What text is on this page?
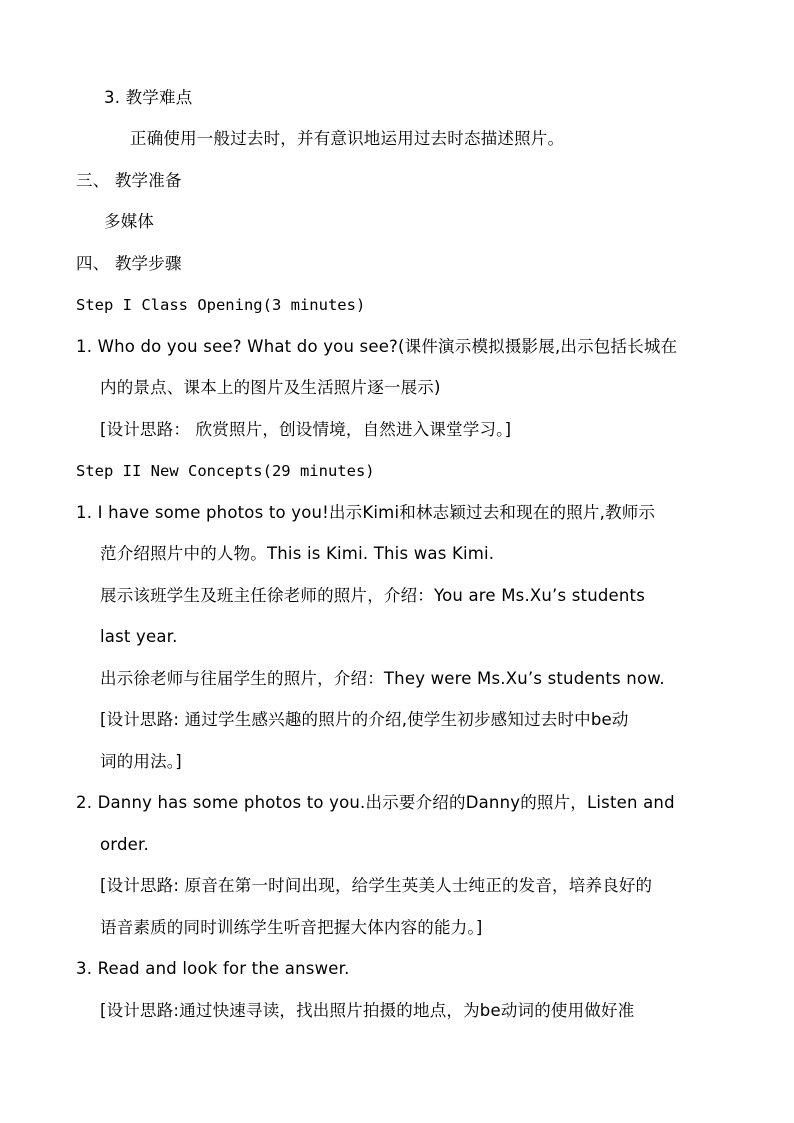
3. 教学难点
正确使用一般过去时，并有意识地运用过去时态描述照片。
三、 教学准备
多媒体
四、 教学步骤
Step I Class Opening(3 minutes)
1. Who do you see? What do you see?(课件演示模拟摄影展,出示包括长城在
内的景点、课本上的图片及生活照片逐一展示)
[设计思路： 欣赏照片，创设情境，自然进入课堂学习。]
Step II New Concepts(29 minutes)
1. I have some photos to you!出示Kimi和林志颖过去和现在的照片,教师示
范介绍照片中的人物。This is Kimi. This was Kimi.
展示该班学生及班主任徐老师的照片，介绍：You are Ms.Xu’s students
last year.
出示徐老师与往届学生的照片，介绍：They were Ms.Xu’s students now.
[设计思路: 通过学生感兴趣的照片的介绍,使学生初步感知过去时中be动
词的用法。]
2. Danny has some photos to you.出示要介绍的Danny的照片，Listen and
order.
[设计思路: 原音在第一时间出现，给学生英美人士纯正的发音，培养良好的
语音素质的同时训练学生听音把握大体内容的能力。]
3. Read and look for the answer.
[设计思路:通过快速寻读，找出照片拍摄的地点，为be动词的使用做好准
